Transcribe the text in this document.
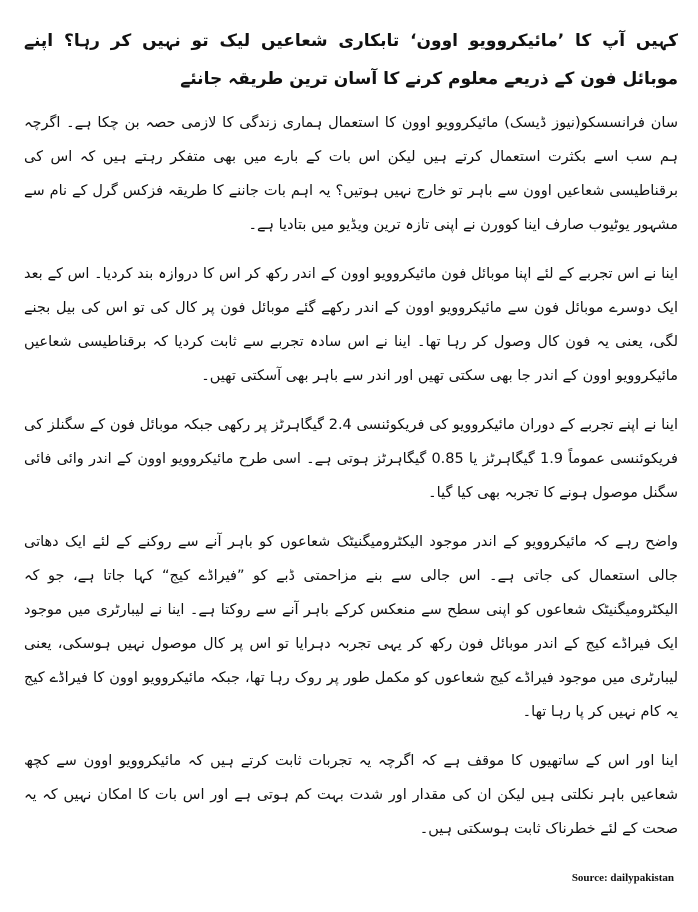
کہیں آپ کا ’مائیکروویو اوون‘ تابکاری شعاعیں لیک تو نہیں کر رہا؟ اپنے موبائل فون کے ذریعے معلوم کرنے کا آسان ترین طریقہ جانئے

سان فرانسسکو(نیوز ڈیسک) مائیکروویو اوون کا استعمال ہماری زندگی کا لازمی حصہ بن چکا ہے۔ اگرچہ ہم سب اسے بکثرت استعمال کرتے ہیں لیکن اس بات کے بارے میں بھی متفکر رہتے ہیں کہ اس کی برقناطیسی شعاعیں اوون سے باہر تو خارج نہیں ہوتیں؟ یہ اہم بات جاننے کا طریقہ فزکس گرل کے نام سے مشہور یوٹیوب صارف اینا کوورن نے اپنی تازہ ترین ویڈیو میں بتادیا ہے۔

اینا نے اس تجربے کے لئے اپنا موبائل فون مائیکروویو اوون کے اندر رکھ کر اس کا دروازہ بند کردیا۔ اس کے بعد ایک دوسرے موبائل فون سے مائیکروویو اوون کے اندر رکھے گئے موبائل فون پر کال کی تو اس کی بیل بجنے لگی، یعنی یہ فون کال وصول کر رہا تھا۔ اینا نے اس سادہ تجربے سے ثابت کردیا کہ برقناطیسی شعاعیں مائیکروویو اوون کے اندر جا بھی سکتی تھیں اور اندر سے باہر بھی آسکتی تھیں۔

اینا نے اپنے تجربے کے دوران مائیکروویو کی فریکوئنسی 2.4 گیگاہرٹز پر رکھی جبکہ موبائل فون کے سگنلز کی فریکوئنسی عموماً 1.9 گیگاہرٹز یا 0.85 گیگاہرٹز ہوتی ہے۔ اسی طرح مائیکروویو اوون کے اندر وائی فائی سگنل موصول ہونے کا تجربہ بھی کیا گیا۔

واضح رہے کہ مائیکروویو کے اندر موجود الیکٹرومیگنیٹک شعاعوں کو باہر آنے سے روکنے کے لئے ایک دھاتی جالی استعمال کی جاتی ہے۔ اس جالی سے بنے مزاحمتی ڈبے کو ”فیراڈے کیج“ کہا جاتا ہے، جو کہ الیکٹرومیگنیٹک شعاعوں کو اپنی سطح سے منعکس کرکے باہر آنے سے روکتا ہے۔ اینا نے لیبارٹری میں موجود ایک فیراڈے کیج کے اندر موبائل فون رکھ کر یہی تجربہ دہرایا تو اس پر کال موصول نہیں ہوسکی، یعنی لیبارٹری میں موجود فیراڈے کیج شعاعوں کو مکمل طور پر روک رہا تھا، جبکہ مائیکروویو اوون کا فیراڈے کیج یہ کام نہیں کر پا رہا تھا۔

اینا اور اس کے ساتھیوں کا موقف ہے کہ اگرچہ یہ تجربات ثابت کرتے ہیں کہ مائیکروویو اوون سے کچھ شعاعیں باہر نکلتی ہیں لیکن ان کی مقدار اور شدت بہت کم ہوتی ہے اور اس بات کا امکان نہیں کہ یہ صحت کے لئے خطرناک ثابت ہوسکتی ہیں۔

Source: dailypakistan
